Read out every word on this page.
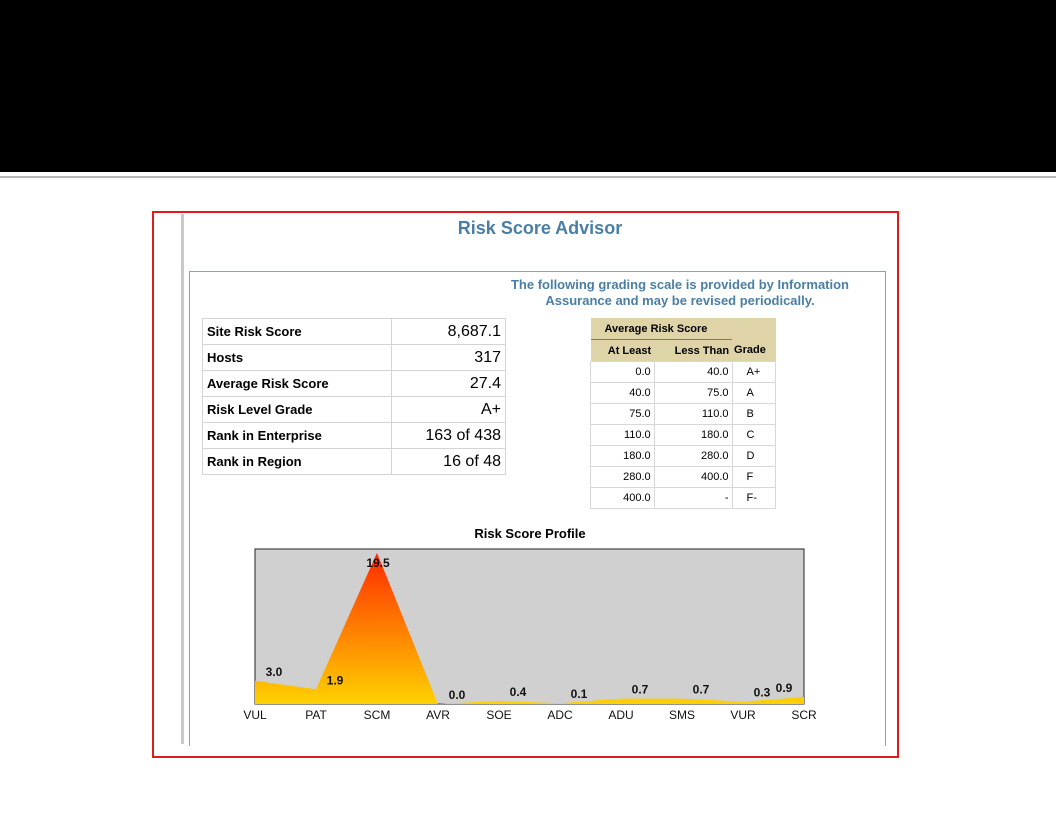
Risk Score Advisor
The following grading scale is provided by Information Assurance and may be revised periodically.
Site Risk Score	8,687.1
Hosts	317
Average Risk Score	27.4
Risk Level Grade	A+
Rank in Enterprise	163 of 438
Rank in Region	16 of 48
Average Risk Score		
At Least	Less Than	Grade
0.0	40.0	A+
40.0	75.0	A
75.0	110.0	B
110.0	180.0	C
180.0	280.0	D
280.0	400.0	F
400.0	-	F-
Risk Score Profile
3.0
1.9
19.5
0.0	0.4	0.1	0.7	0.7	0.3 0.9
VUL	PAT	SCM	AVR	SOE	ADC	ADU	SMS	VUR	SCR
